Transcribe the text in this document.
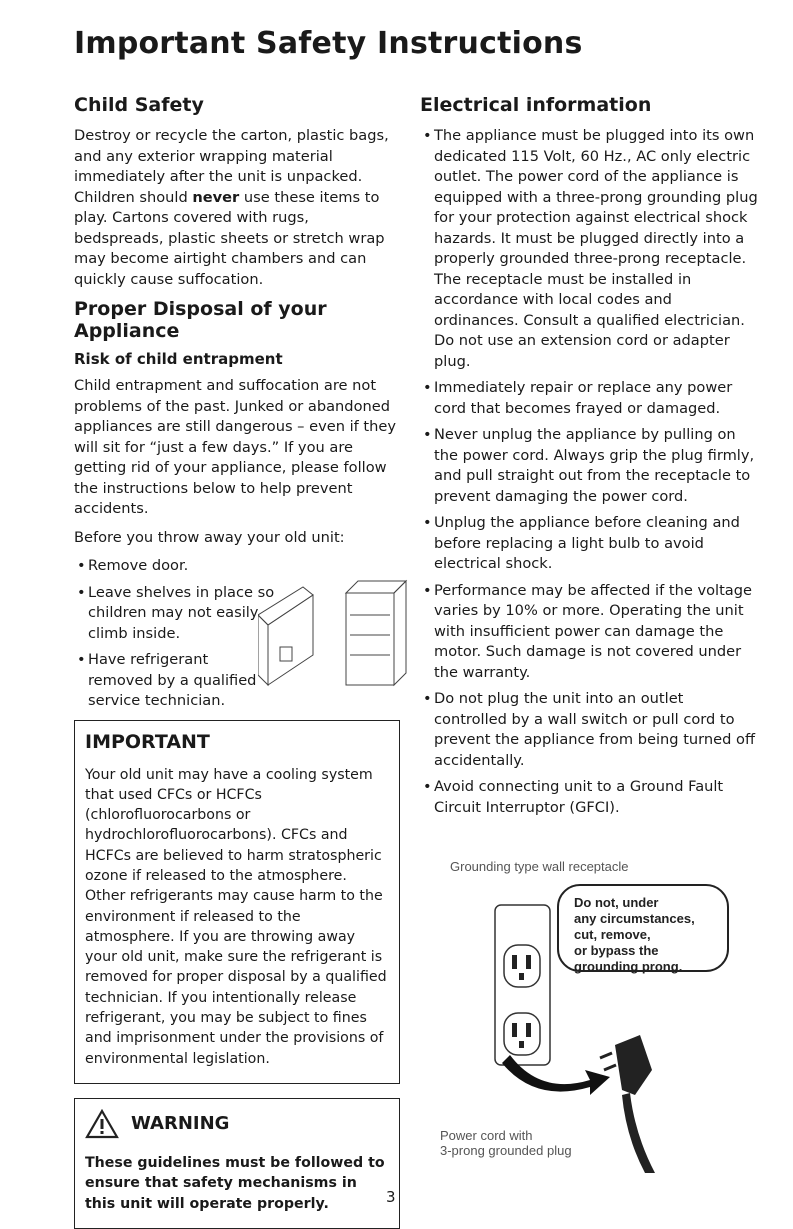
Important Safety Instructions
Child Safety

Destroy or recycle the carton, plastic bags, and any exterior wrapping material immediately after the unit is unpacked. Children should never use these items to play. Cartons covered with rugs, bedspreads, plastic sheets or stretch wrap may become airtight chambers and can quickly cause suffocation.

Proper Disposal of your Appliance
Risk of child entrapment

Child entrapment and suffocation are not problems of the past. Junked or abandoned appliances are still dangerous – even if they will sit for “just a few days.” If you are getting rid of your appliance, please follow the instructions below to help prevent accidents.

Before you throw away your old unit:

• Remove door.
• Leave shelves in place so children may not easily climb inside.
• Have refrigerant removed by a qualified service technician.
IMPORTANT

Your old unit may have a cooling system that used CFCs or HCFCs (chlorofluorocarbons or hydrochlorofluorocarbons). CFCs and HCFCs are believed to harm stratospheric ozone if released to the atmosphere. Other refrigerants may cause harm to the environment if released to the atmosphere. If you are throwing away your old unit, make sure the refrigerant is removed for proper disposal by a qualified technician. If you intentionally release refrigerant, you may be subject to fines and imprisonment under the provisions of environmental legislation.

WARNING

These guidelines must be followed to ensure that safety mechanisms in this unit will operate properly.

Electrical information
• The appliance must be plugged into its own dedicated 115 Volt, 60 Hz., AC only electric outlet. The power cord of the appliance is equipped with a three-prong grounding plug for your protection against electrical shock hazards. It must be plugged directly into a properly grounded three-prong receptacle. The receptacle must be installed in accordance with local codes and ordinances. Consult a qualified electrician. Do not use an extension cord or adapter plug.
• Immediately repair or replace any power cord that becomes frayed or damaged.
• Never unplug the appliance by pulling on the power cord. Always grip the plug firmly, and pull straight out from the receptacle to prevent damaging the power cord.
• Unplug the appliance before cleaning and before replacing a light bulb to avoid electrical shock.
• Performance may be affected if the voltage varies by 10% or more. Operating the unit with insufficient power can damage the motor. Such damage is not covered under the warranty.
• Do not plug the unit into an outlet controlled by a wall switch or pull cord to prevent the appliance from being turned off accidentally.
• Avoid connecting unit to a Ground Fault Circuit Interruptor (GFCI).
Grounding type wall receptacle
Do not, under
any circumstances,
cut, remove,
or bypass the
grounding prong.
Power cord with
3-prong grounded plug
3
